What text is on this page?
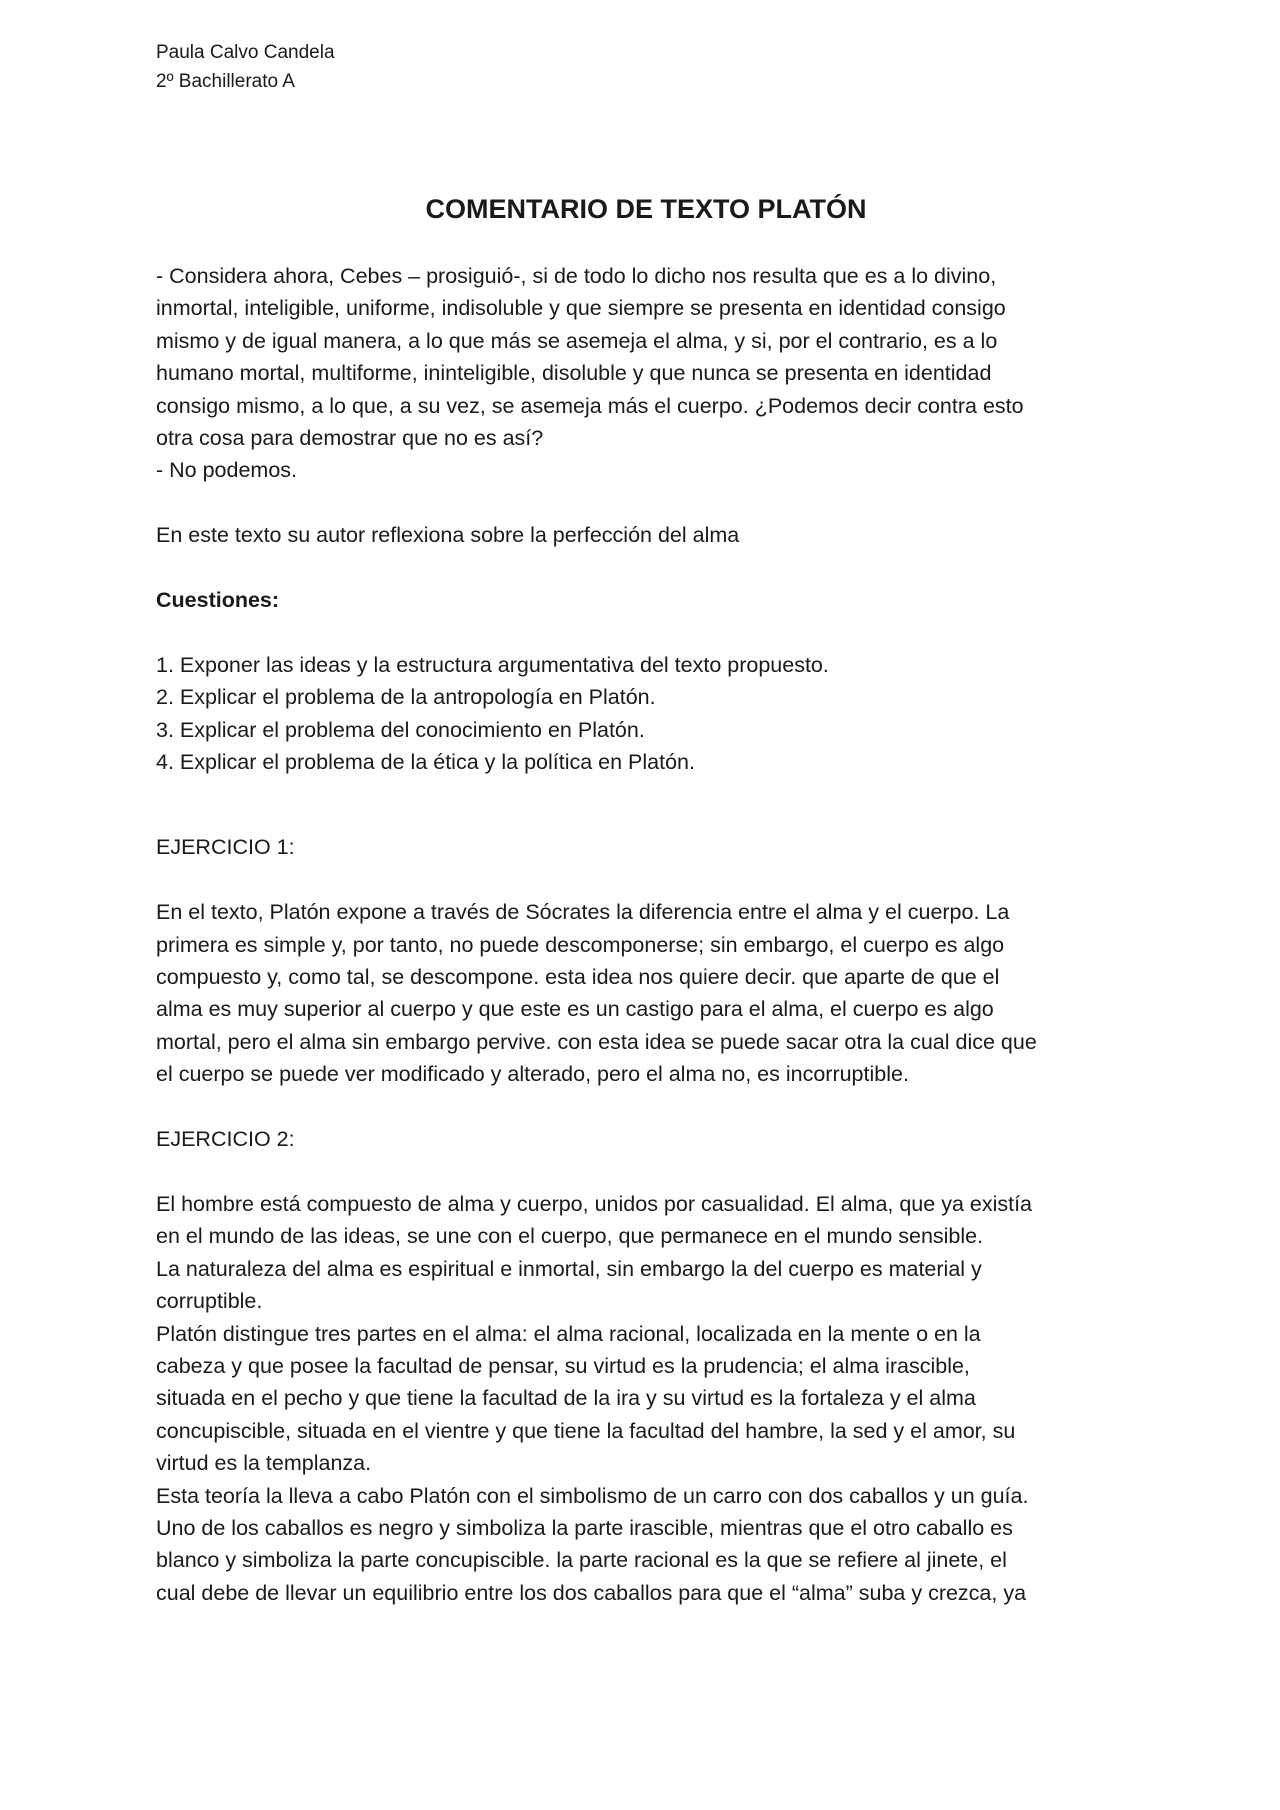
Paula Calvo Candela

2º Bachillerato A

COMENTARIO DE TEXTO PLATÓN

- Considera ahora, Cebes – prosiguió-, si de todo lo dicho nos resulta que es a lo divino,

inmortal, inteligible, uniforme, indisoluble y que siempre se presenta en identidad consigo

mismo y de igual manera, a lo que más se asemeja el alma, y si, por el contrario, es a lo

humano mortal, multiforme, ininteligible, disoluble y que nunca se presenta en identidad

consigo mismo, a lo que, a su vez, se asemeja más el cuerpo. ¿Podemos decir contra esto

otra cosa para demostrar que no es así?

- No podemos.

En este texto su autor reflexiona sobre la perfección del alma

Cuestiones:

1. Exponer las ideas y la estructura argumentativa del texto propuesto.

2. Explicar el problema de la antropología en Platón.

3. Explicar el problema del conocimiento en Platón.

4. Explicar el problema de la ética y la política en Platón.

EJERCICIO 1:

En el texto, Platón expone a través de Sócrates la diferencia entre el alma y el cuerpo. La

primera es simple y, por tanto, no puede descomponerse; sin embargo, el cuerpo es algo

compuesto y, como tal, se descompone. esta idea nos quiere decir. que aparte de que el

alma es muy superior al cuerpo y que este es un castigo para el alma, el cuerpo es algo

mortal, pero el alma sin embargo pervive. con esta idea se puede sacar otra la cual dice que

el cuerpo se puede ver modificado y alterado, pero el alma no, es incorruptible.

EJERCICIO 2:

El hombre está compuesto de alma y cuerpo, unidos por casualidad. El alma, que ya existía

en el mundo de las ideas, se une con el cuerpo, que permanece en el mundo sensible.

La naturaleza del alma es espiritual e inmortal, sin embargo la del cuerpo es material y

corruptible.

Platón distingue tres partes en el alma: el alma racional, localizada en la mente o en la

cabeza y que posee la facultad de pensar, su virtud es la prudencia; el alma irascible,

situada en el pecho y que tiene la facultad de la ira y su virtud es la fortaleza y el alma

concupiscible, situada en el vientre y que tiene la facultad del hambre, la sed y el amor, su

virtud es la templanza.

Esta teoría la lleva a cabo Platón con el simbolismo de un carro con dos caballos y un guía.

Uno de los caballos es negro y simboliza la parte irascible, mientras que el otro caballo es

blanco y simboliza la parte concupiscible. la parte racional es la que se refiere al jinete, el

cual debe de llevar un equilibrio entre los dos caballos para que el “alma” suba y crezca, ya
